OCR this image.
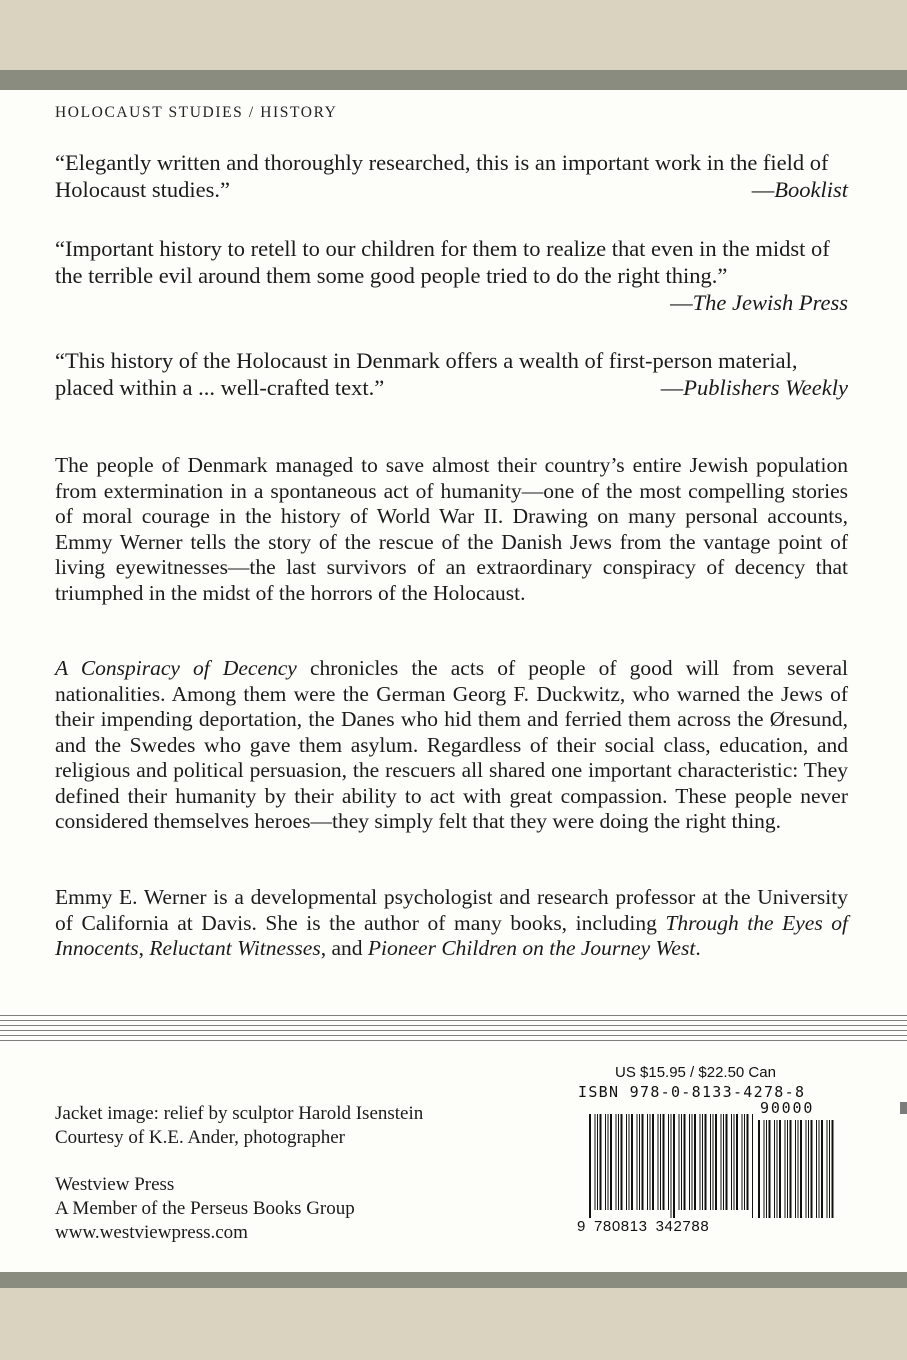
HOLOCAUST STUDIES / HISTORY
“Elegantly written and thoroughly researched, this is an important work in the field of Holocaust studies.”	—Booklist
“Important history to retell to our children for them to realize that even in the midst of the terrible evil around them some good people tried to do the right thing.”
—The Jewish Press
“This history of the Holocaust in Denmark offers a wealth of first-person material, placed within a ... well-crafted text.”	—Publishers Weekly

The people of Denmark managed to save almost their country’s entire Jewish population from extermination in a spontaneous act of humanity—one of the most compelling stories of moral courage in the history of World War II. Drawing on many personal accounts, Emmy Werner tells the story of the rescue of the Danish Jews from the vantage point of living eyewitnesses—the last survivors of an extraordinary conspiracy of decency that triumphed in the midst of the horrors of the Holocaust.

A Conspiracy of Decency chronicles the acts of people of good will from several nationalities. Among them were the German Georg F. Duckwitz, who warned the Jews of their impending deportation, the Danes who hid them and ferried them across the Øresund, and the Swedes who gave them asylum. Regardless of their social class, education, and religious and political persuasion, the rescuers all shared one important characteristic: They defined their humanity by their ability to act with great compassion. These people never considered themselves heroes—they simply felt that they were doing the right thing.

Emmy E. Werner is a developmental psychologist and research professor at the University of California at Davis. She is the author of many books, including Through the Eyes of Innocents, Reluctant Witnesses, and Pioneer Children on the Journey West.

Jacket image: relief by sculptor Harold Isenstein
Courtesy of K.E. Ander, photographer
Westview Press
A Member of the Perseus Books Group
www.westviewpress.com
US $15.95 / $22.50 Can
ISBN 978-0-8133-4278-8
90000
9 780813 342788
